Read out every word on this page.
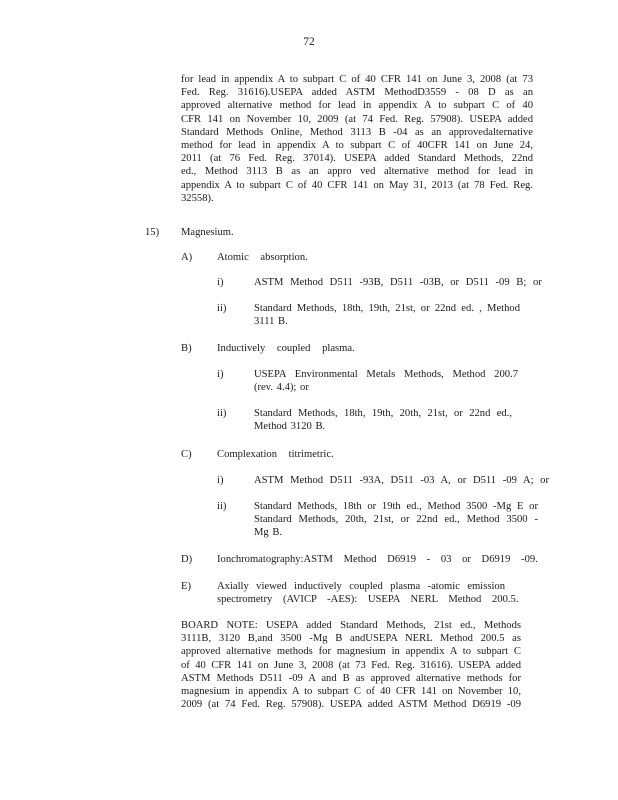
72
for lead in appendix A to subpart C of 40 CFR 141 on June 3, 2008 (at 73
Fed. Reg. 31616).USEPA added ASTM MethodD3559 - 08 D as an
approved alternative method for lead in appendix A to subpart C of 40
CFR 141 on November 10, 2009 (at 74 Fed. Reg. 57908). USEPA added
Standard Methods Online, Method 3113 B -04 as an approvedalternative
method for lead in appendix A to subpart C of 40CFR 141 on June 24,
2011 (at 76 Fed. Reg. 37014). USEPA added Standard Methods, 22nd
ed., Method 3113 B as an appro ved alternative method for lead in
appendix A to subpart C of 40 CFR 141 on May 31, 2013 (at 78 Fed. Reg.
32558).
15) Magnesium.
A) Atomic absorption.
i)	ASTM Method D511 -93B, D511 -03B, or D511 -09 B; or
ii)	Standard Methods, 18th, 19th, 21st, or 22nd ed. , Method
3111 B.
B) Inductively coupled plasma.
i)	USEPA Environmental Metals Methods, Method 200.7
(rev. 4.4); or
ii)	Standard Methods, 18th, 19th, 20th, 21st, or 22nd ed.,
Method 3120 B.
C) Complexation titrimetric.
i)	ASTM Method D511 -93A, D511 -03 A, or D511 -09 A; or
ii)	Standard Methods, 18th or 19th ed., Method 3500 -Mg E or
Standard Methods, 20th, 21st, or 22nd ed., Method 3500 -
Mg B.
D) Ionchromatography:ASTM Method D6919 - 03 or D6919 -09.
E) Axially viewed inductively coupled plasma -atomic emission
spectrometry (AVICP -AES): USEPA NERL Method 200.5.
BOARD NOTE: USEPA added Standard Methods, 21st ed., Methods
3111B, 3120 B,and 3500 -Mg B andUSEPA NERL Method 200.5 as
approved alternative methods for magnesium in appendix A to subpart C
of 40 CFR 141 on June 3, 2008 (at 73 Fed. Reg. 31616). USEPA added
ASTM Methods D511 -09 A and B as approved alternative methods for
magnesium in appendix A to subpart C of 40 CFR 141 on November 10,
2009 (at 74 Fed. Reg. 57908). USEPA added ASTM Method D6919 -09
